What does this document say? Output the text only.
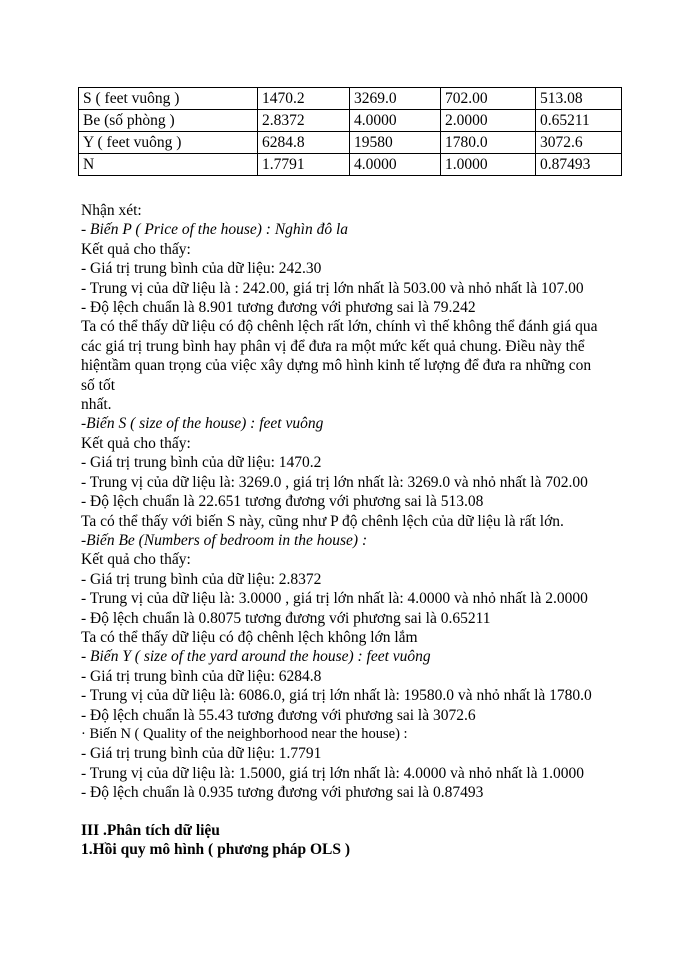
S ( feet vuông )	1470.2	3269.0	702.00	513.08
Be (số phòng )	2.8372	4.0000	2.0000	0.65211
Y ( feet vuông )	6284.8	19580	1780.0	3072.6
N	1.7791	4.0000	1.0000	0.87493
Nhận xét:
- Biến P ( Price of the house) : Nghìn đô la
Kết quả cho thấy:
- Giá trị trung bình của dữ liệu: 242.30
- Trung vị của dữ liệu là : 242.00, giá trị lớn nhất là 503.00 và nhỏ nhất là 107.00
- Độ lệch chuẩn là 8.901 tương đương với phương sai là 79.242
Ta có thể thấy dữ liệu có độ chênh lệch rất lớn, chính vì thế không thể đánh giá qua
các giá trị trung bình hay phân vị để đưa ra một mức kết quả chung. Điều này thể
hiệntầm quan trọng của việc xây dựng mô hình kinh tế lượng để đưa ra những con
số tốt
nhất.
-Biến S ( size of the house) : feet vuông
Kết quả cho thấy:
- Giá trị trung bình của dữ liệu: 1470.2
- Trung vị của dữ liệu là: 3269.0 , giá trị lớn nhất là: 3269.0 và nhỏ nhất là 702.00
- Độ lệch chuẩn là 22.651 tương đương với phương sai là 513.08
Ta có thể thấy với biến S này, cũng như P độ chênh lệch của dữ liệu là rất lớn.
-Biến Be (Numbers of bedroom in the house) :
Kết quả cho thấy:
- Giá trị trung bình của dữ liệu: 2.8372
- Trung vị của dữ liệu là: 3.0000 , giá trị lớn nhất là: 4.0000 và nhỏ nhất là 2.0000
- Độ lệch chuẩn là 0.8075 tương đương với phương sai là 0.65211
Ta có thể thấy dữ liệu có độ chênh lệch không lớn lắm
- Biến Y ( size of the yard around the house) : feet vuông
- Giá trị trung bình của dữ liệu: 6284.8
- Trung vị của dữ liệu là: 6086.0, giá trị lớn nhất là: 19580.0 và nhỏ nhất là 1780.0
- Độ lệch chuẩn là 55.43 tương đương với phương sai là 3072.6
· Biến N ( Quality of the neighborhood near the house) :
- Giá trị trung bình của dữ liệu: 1.7791
- Trung vị của dữ liệu là: 1.5000, giá trị lớn nhất là: 4.0000 và nhỏ nhất là 1.0000
- Độ lệch chuẩn là 0.935 tương đương với phương sai là 0.87493
III .Phân tích dữ liệu
1.Hồi quy mô hình ( phương pháp OLS )
